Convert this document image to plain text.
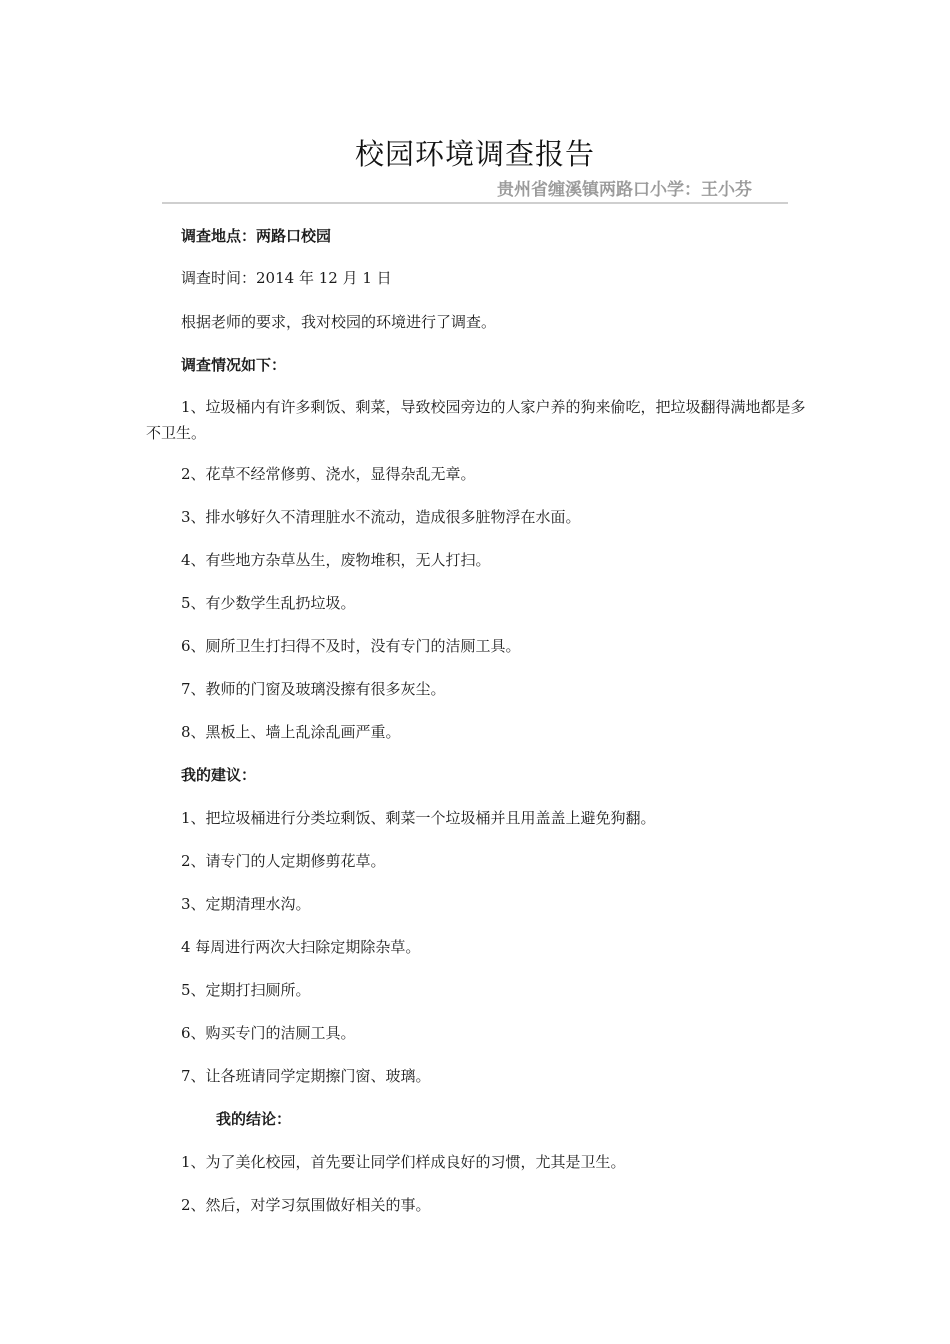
校园环境调查报告
贵州省缠溪镇两路口小学：王小芬
调查地点：两路口校园
调查时间：2014 年 12 月 1 日
根据老师的要求，我对校园的环境进行了调查。
调查情况如下：
1、垃圾桶内有许多剩饭、剩菜，导致校园旁边的人家户养的狗来偷吃，把垃圾翻得满地都是多不卫生。
2、花草不经常修剪、浇水，显得杂乱无章。
3、排水够好久不清理脏水不流动，造成很多脏物浮在水面。
4、有些地方杂草丛生，废物堆积，无人打扫。
5、有少数学生乱扔垃圾。
6、厕所卫生打扫得不及时，没有专门的洁厕工具。
7、教师的门窗及玻璃没擦有很多灰尘。
8、黑板上、墙上乱涂乱画严重。
我的建议：
1、把垃圾桶进行分类垃剩饭、剩菜一个垃圾桶并且用盖盖上避免狗翻。
2、请专门的人定期修剪花草。
3、定期清理水沟。
4 每周进行两次大扫除定期除杂草。
5、定期打扫厕所。
6、购买专门的洁厕工具。
7、让各班请同学定期擦门窗、玻璃。
我的结论：
1、为了美化校园，首先要让同学们样成良好的习惯，尤其是卫生。
2、然后，对学习氛围做好相关的事。
